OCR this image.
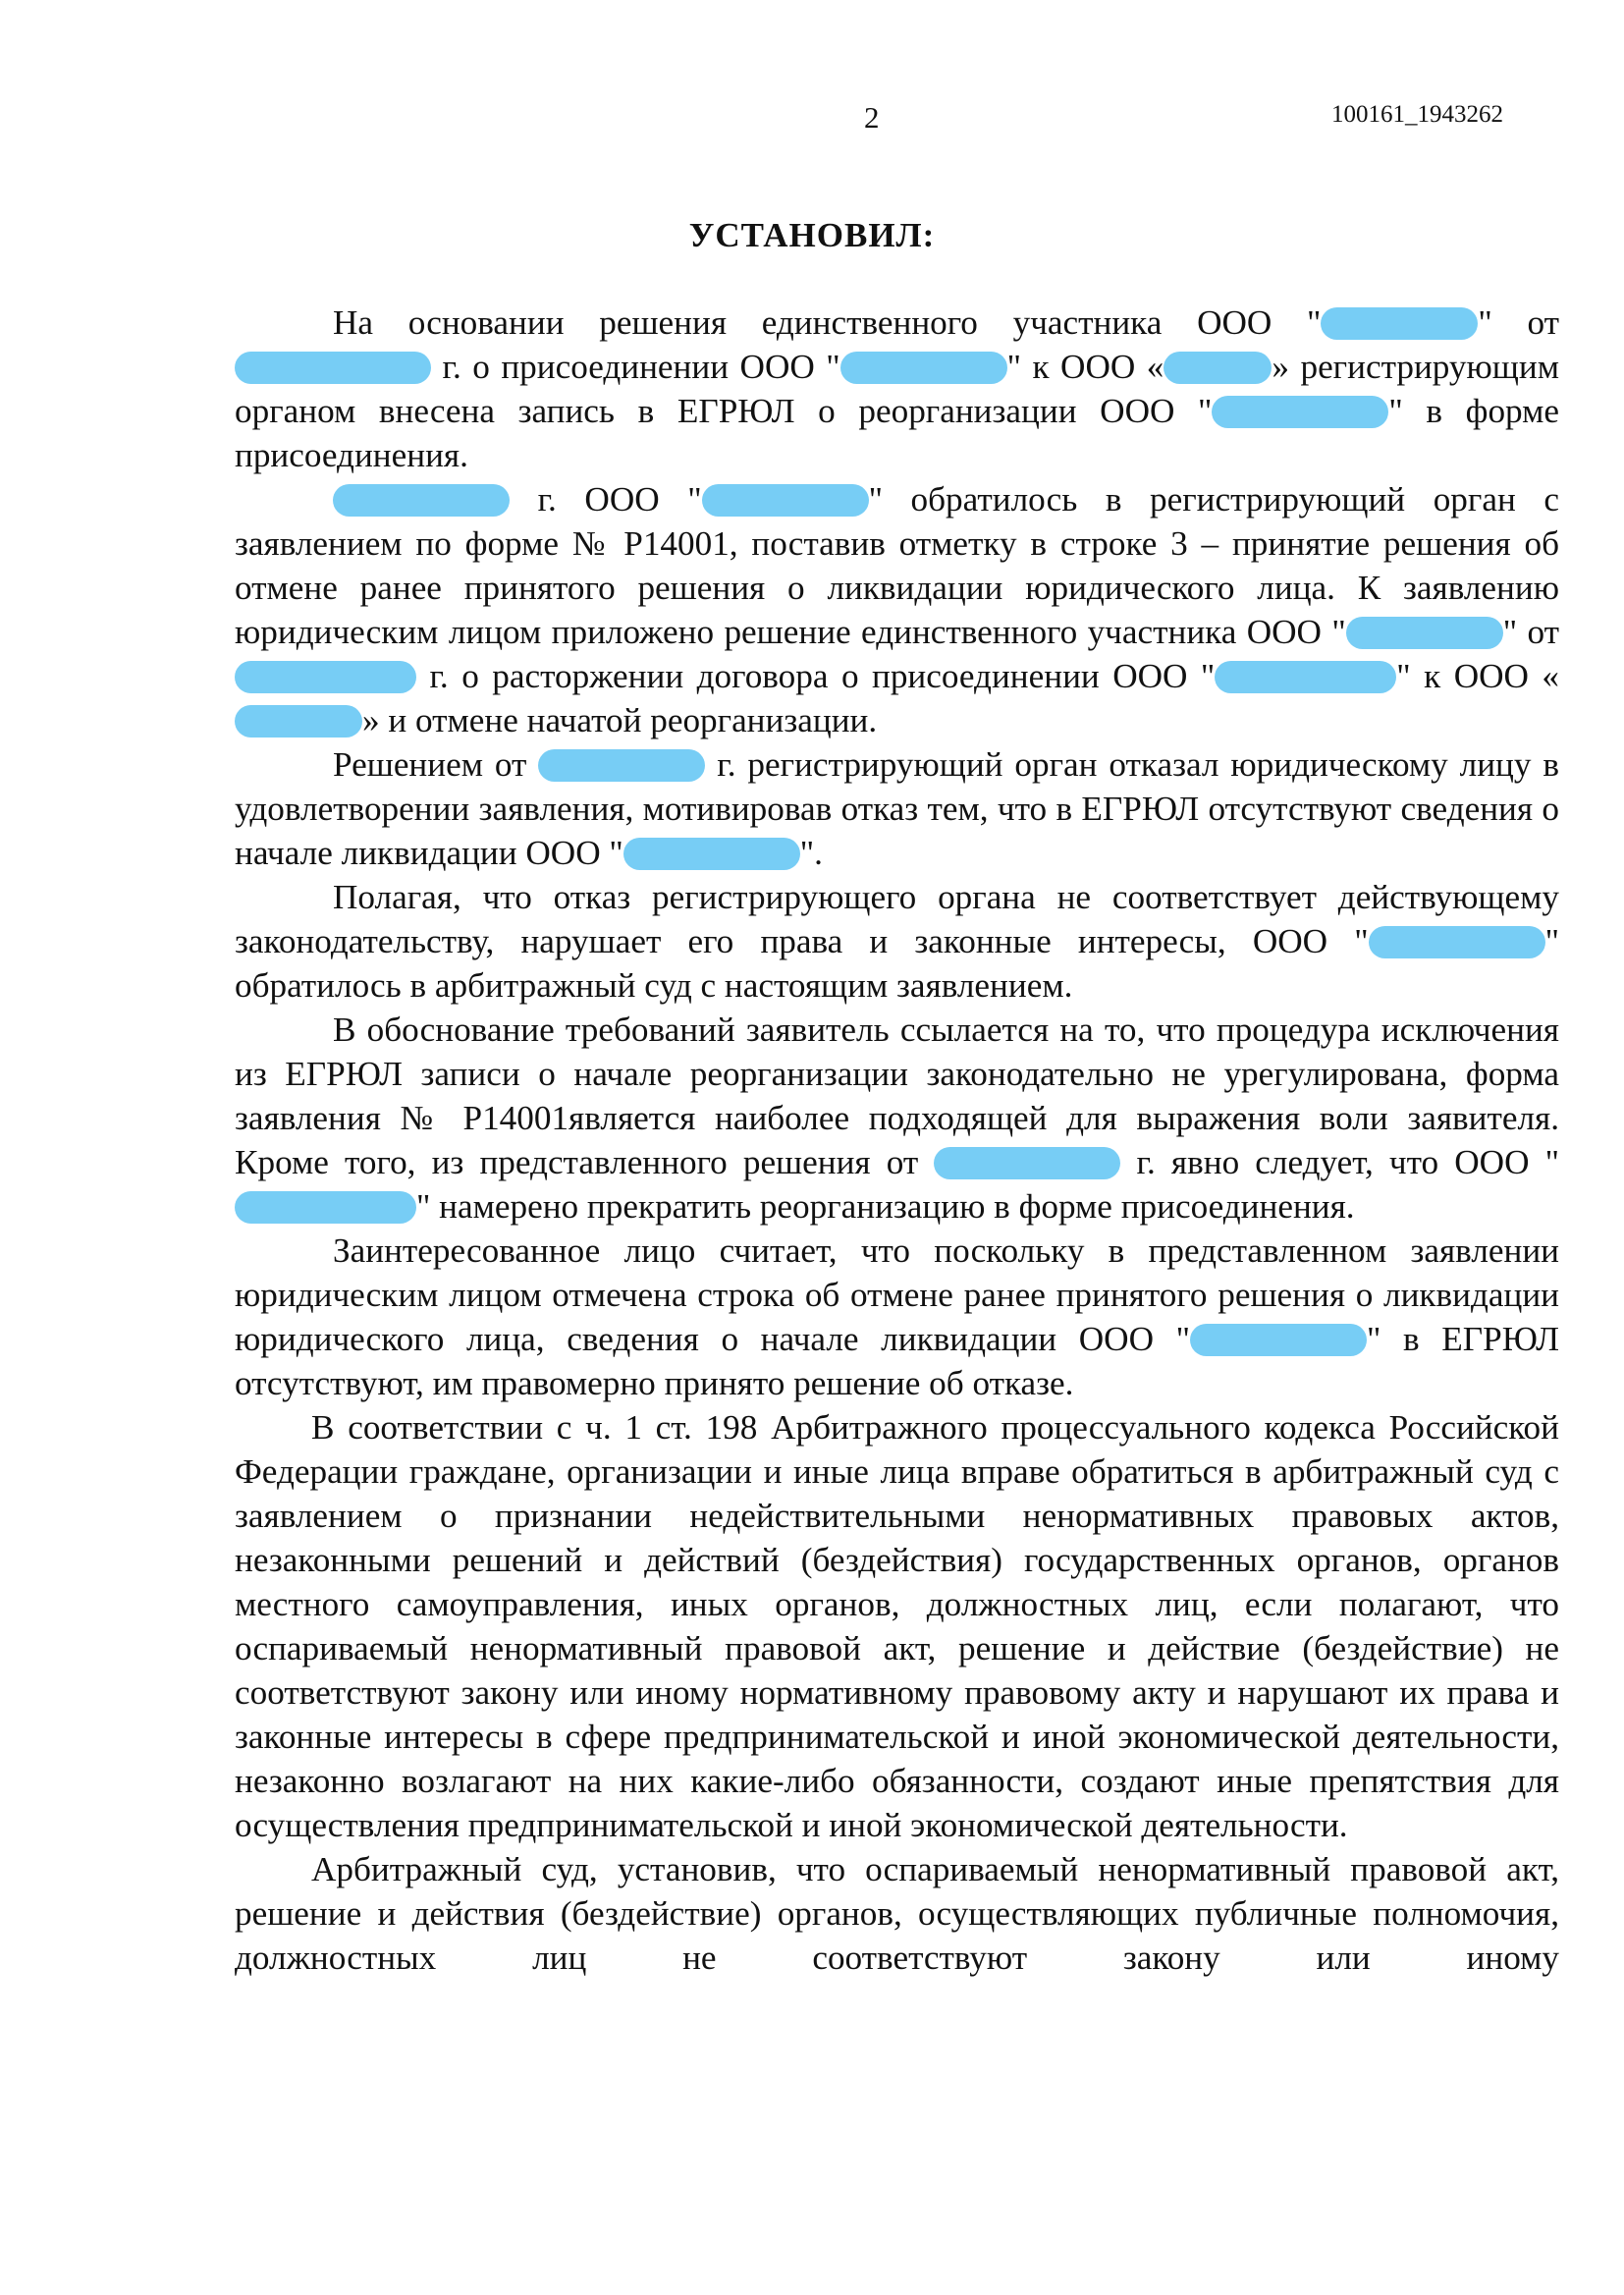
2	100161_1943262
УСТАНОВИЛ:

На основании решения единственного участника ООО "	" от  г. о присоединении ООО "	" к ООО «	» регистрирующим органом внесена запись в ЕГРЮЛ о реорганизации ООО "	" в форме присоединения.

г. ООО "	" обратилось в регистрирующий орган с заявлением по форме № Р14001, поставив отметку в строке 3 – принятие решения об отмене ранее принятого решения о ликвидации юридического лица. К заявлению юридическим лицом приложено решение единственного участника ООО "	" от  г. о расторжении договора о присоединении ООО "	" к ООО «» и отмене начатой реорганизации.

Решением от	г. регистрирующий орган отказал юридическому лицу в удовлетворении заявления, мотивировав отказ тем, что в ЕГРЮЛ отсутствуют сведения о начале ликвидации ООО "	".

Полагая, что отказ регистрирующего органа не соответствует действующему законодательству, нарушает его права и законные интересы, ООО "	" обратилось в арбитражный суд с настоящим заявлением.

В обоснование требований заявитель ссылается на то, что процедура исключения из ЕГРЮЛ записи о начале реорганизации законодательно не урегулирована, форма заявления № Р14001является наиболее подходящей для выражения воли заявителя. Кроме того, из представленного решения от	г. явно следует, что ООО "" намерено прекратить реорганизацию в форме присоединения.

Заинтересованное лицо считает, что поскольку в представленном заявлении юридическим лицом отмечена строка об отмене ранее принятого решения о ликвидации юридического лица, сведения о начале ликвидации ООО "	" в ЕГРЮЛ отсутствуют, им правомерно принято решение об отказе.

В соответствии с ч. 1 ст. 198 Арбитражного процессуального кодекса Российской Федерации граждане, организации и иные лица вправе обратиться в арбитражный суд с заявлением о признании недействительными ненормативных правовых актов, незаконными решений и действий (бездействия) государственных органов, органов местного самоуправления, иных органов, должностных лиц, если полагают, что оспариваемый ненормативный правовой акт, решение и действие (бездействие) не соответствуют закону или иному нормативному правовому акту и нарушают их права и законные интересы в сфере предпринимательской и иной экономической деятельности, незаконно возлагают на них какие-либо обязанности, создают иные препятствия для осуществления предпринимательской и иной экономической деятельности.

Арбитражный суд, установив, что оспариваемый ненормативный правовой акт, решение и действия (бездействие) органов, осуществляющих публичные полномочия, должностных лиц не соответствуют закону или иному
